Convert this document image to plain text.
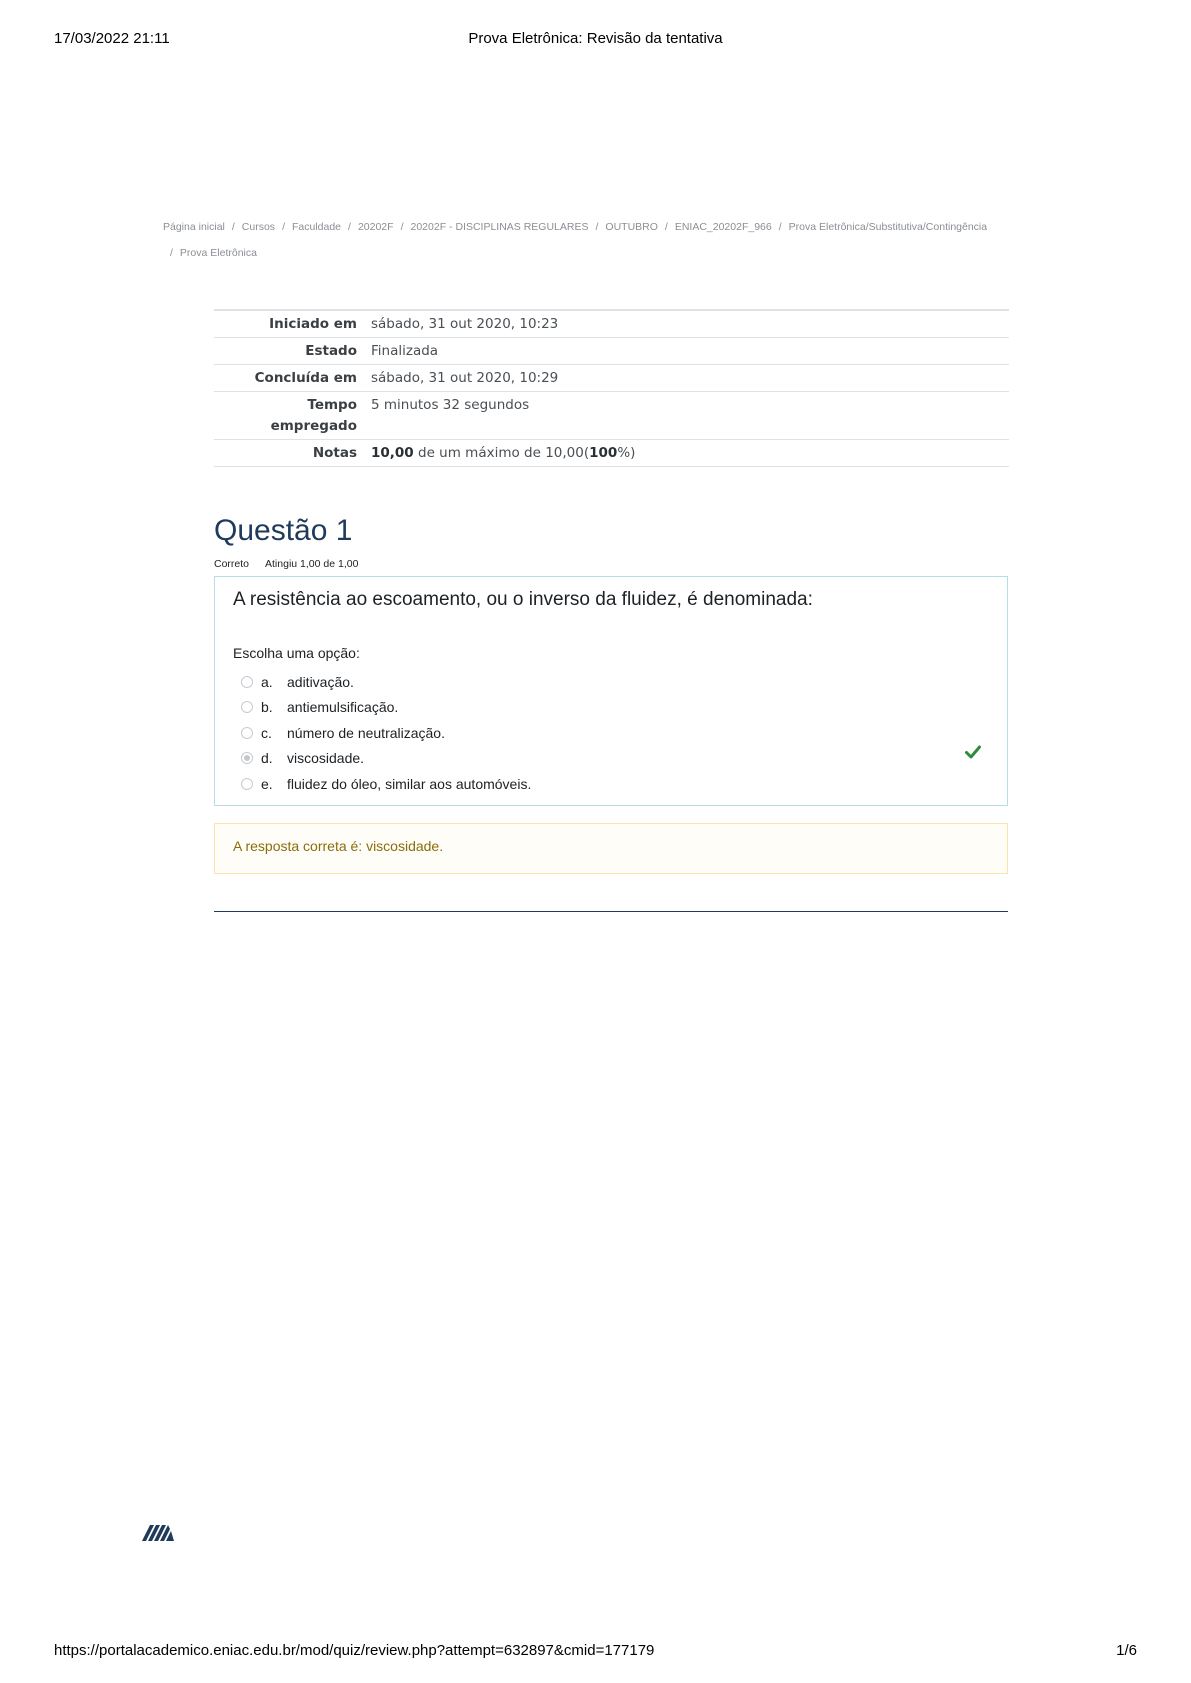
17/03/2022 21:11	Prova Eletrônica: Revisão da tentativa
Página inicial / Cursos / Faculdade / 20202F / 20202F - DISCIPLINAS REGULARES / OUTUBRO / ENIAC_20202F_966 / Prova Eletrônica/Substitutiva/Contingência
/ Prova Eletrônica
Iniciado em	sábado, 31 out 2020, 10:23
Estado	Finalizada
Concluída em	sábado, 31 out 2020, 10:29
Tempo empregado	5 minutos 32 segundos
Notas	10,00 de um máximo de 10,00(100%)
Questão 1
Correto Atingiu 1,00 de 1,00
A resistência ao escoamento, ou o inverso da fluidez, é denominada:
Escolha uma opção:
a.	aditivação.
b.	antiemulsificação.
c.	número de neutralização.
d.	viscosidade.
e.	fluidez do óleo, similar aos automóveis.
A resposta correta é: viscosidade.
https://portalacademico.eniac.edu.br/mod/quiz/review.php?attempt=632897&cmid=177179	1/6
